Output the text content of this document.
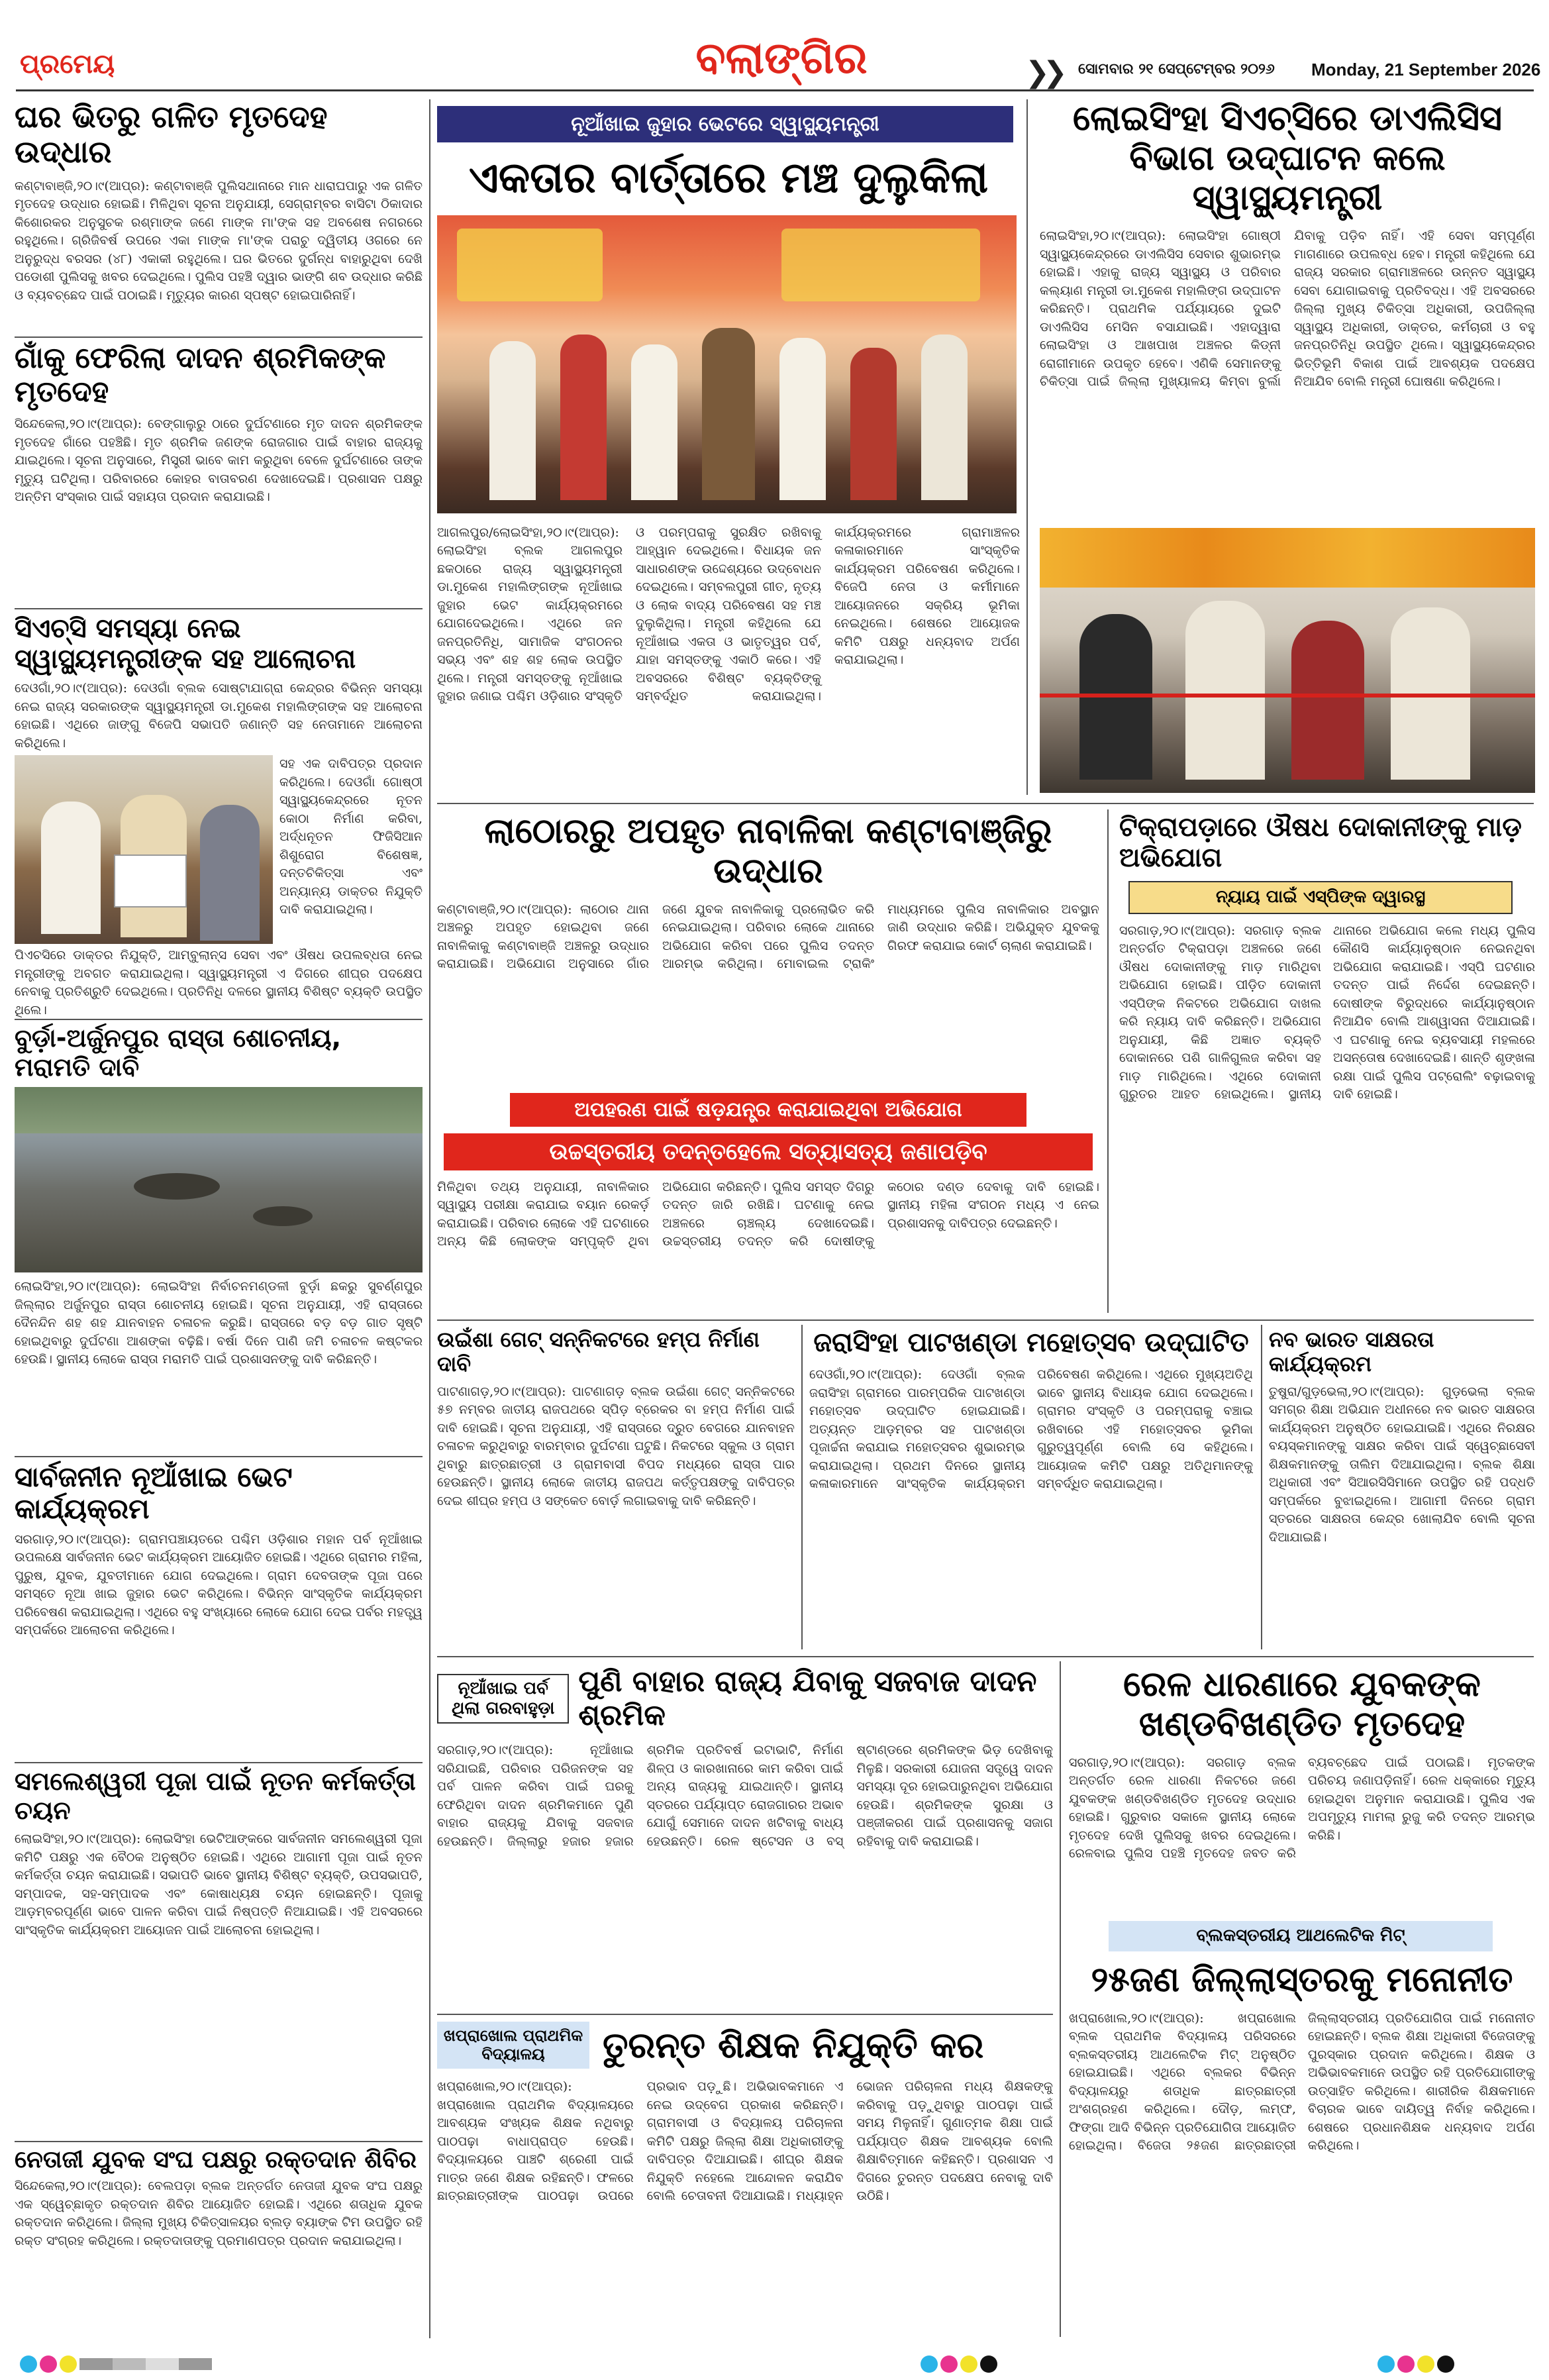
ପ୍ରମେୟ	ବଲାଙ୍ଗିର	❯❯ ସୋମବାର ୨୧ ସେପ୍ଟେମ୍ବର ୨୦୨୬ Monday, 21 September 2026
ଘର ଭିତରୁ ଗଳିତ ମୃତଦେହ ଉଦ୍ଧାର
କଣ୍ଟାବାଞ୍ଜି,୨୦।୯(ଆପ୍ର): କଣ୍ଟାବାଞ୍ଜି ପୁଲିସଥାନାରେ ମାନ ଧାରାଘପାରୁ ଏକ ଗଳିତ ମୃତଦେହ ଉଦ୍ଧାର ହୋଇଛି। ମିଳିଥିବା ସୂଚନା ଅନୁଯାୟୀ, ସେଗ୍ରାମ୍ବର ବାସିଟା ଠିକାଦାର କିଶୋରକର ଅନୁସୁଚକ ରଶ୍ମାଙ୍କ ଜଣେ ମାଙ୍କ ମା'ଙ୍କ ସହ ଅବଶେଷ ନଗରରେ ରହୁଥିଲେ। ଗ୍ରିଜିବର୍ଷ ଉପରେ ଏକା ମାଙ୍କ ମା'ଙ୍କ ପରାଚୁ ଦ୍ୱିତୀୟ ଓଗରେ ନେ ଅନୁରୁଦ୍ଧ ବରସର (୪୮) ଏକାକୀ ରହୁଥିଲେ। ଘର ଭିତରେ ଦୁର୍ଗନ୍ଧ ବାହାରୁଥିବା ଦେଖି ପଡୋଶୀ ପୁଲିସକୁ ଖବର ଦେଇଥିଲେ। ପୁଲିସ ପହଞ୍ଚି ଦ୍ୱାର ଭାଙ୍ଗି ଶବ ଉଦ୍ଧାର କରିଛି ଓ ବ୍ୟବଚ୍ଛେଦ ପାଇଁ ପଠାଇଛି। ମୃତ୍ୟୁର କାରଣ ସ୍ପଷ୍ଟ ହୋଇପାରିନାହିଁ।
ଗାଁକୁ ଫେରିଲା ଦାଦନ ଶ୍ରମିକଙ୍କ ମୃତଦେହ
ସିନ୍ଦେକେଲା,୨୦।୯(ଆପ୍ର): ବେଙ୍ଗାଲୁରୁ ଠାରେ ଦୁର୍ଘଟଣାରେ ମୃତ ଦାଦନ ଶ୍ରମିକଙ୍କ ମୃତଦେହ ଗାଁରେ ପହଞ୍ଚିଛି। ମୃତ ଶ୍ରମିକ ଜଣଙ୍କ ରୋଜଗାର ପାଇଁ ବାହାର ରାଜ୍ୟକୁ ଯାଇଥିଲେ। ସୂଚନା ଅନୁସାରେ, ମିସ୍ତ୍ରୀ ଭାବେ କାମ କରୁଥିବା ବେଳେ ଦୁର୍ଘଟଣାରେ ତାଙ୍କ ମୃତ୍ୟୁ ଘଟିଥିଲା। ପରିବାରରେ କୋହର ବାତାବରଣ ଦେଖାଦେଇଛି। ପ୍ରଶାସନ ପକ୍ଷରୁ ଅନ୍ତିମ ସଂସ୍କାର ପାଇଁ ସହାୟତା ପ୍ରଦାନ କରାଯାଇଛି।
ସିଏଚ୍‌ସି ସମସ୍ୟା ନେଇ ସ୍ୱାସ୍ଥ୍ୟମନ୍ତ୍ରୀଙ୍କ ସହ ଆଲୋଚନା
ଦେଓଗାଁ,୨୦।୯(ଆପ୍ର): ଦେଓଗାଁ ବ୍ଲକ ସୋଷ୍ଟାଯାଗ୍ରା କେନ୍ଦ୍ରର ବିଭିନ୍ନ ସମସ୍ୟା ନେଇ ରାଜ୍ୟ ସରକାରଙ୍କ ସ୍ୱାସ୍ଥ୍ୟମନ୍ତ୍ରୀ ଡା.ମୁକେଶ ମହାଲିଙ୍ଗଙ୍କ ସହ ଆଲୋଚନା ହୋଇଛି। ଏଥିରେ ଜାଙ୍ଗୁ ବିଜେପି ସଭାପତି ଜଣାନ୍ତି ସହ ନେତାମାନେ ଆଲୋଚନା କରିଥିଲେ।
ସହ ଏକ ଦାବିପତ୍ର ପ୍ରଦାନ କରିଥିଲେ। ଦେଓଗାଁ ଗୋଷ୍ଠୀ ସ୍ୱାସ୍ଥ୍ୟକେନ୍ଦ୍ରରେ ନୂତନ କୋଠା ନିର୍ମାଣ କରିବା, ଅର୍ଦ୍ଧନୂତନ ଫିଜିସିଆନ ଶିଶୁରୋଗ ବିଶେଷଜ୍ଞ, ଦନ୍ତଚିକିତ୍ସା ଏବଂ ଅନ୍ୟାନ୍ୟ ଡାକ୍ତର ନିଯୁକ୍ତି ଦାବି କରାଯାଇଥିଲା।
ପିଏଚସିରେ ଡାକ୍ତର ନିଯୁକ୍ତି, ଆମ୍ବୁଲାନ୍ସ ସେବା ଏବଂ ଔଷଧ ଉପଲବ୍ଧତା ନେଇ ମନ୍ତ୍ରୀଙ୍କୁ ଅବଗତ କରାଯାଇଥିଲା। ସ୍ୱାସ୍ଥ୍ୟମନ୍ତ୍ରୀ ଏ ଦିଗରେ ଶୀଘ୍ର ପଦକ୍ଷେପ ନେବାକୁ ପ୍ରତିଶ୍ରୁତି ଦେଇଥିଲେ। ପ୍ରତିନିଧି ଦଳରେ ସ୍ଥାନୀୟ ବିଶିଷ୍ଟ ବ୍ୟକ୍ତି ଉପସ୍ଥିତ ଥିଲେ।
ବୁର୍ଡ଼ା-ଅର୍ଜୁନପୁର ରାସ୍ତା ଶୋଚନୀୟ, ମରାମତି ଦାବି
ଲୋଇସିଂହା,୨୦।୯(ଆପ୍ର): ଲୋଇସିଂହା ନିର୍ବାଚନମଣ୍ଡଳୀ ବୁର୍ଡ଼ା ଛକରୁ ସୁବର୍ଣ୍ଣପୁର ଜିଲ୍ଲାର ଅର୍ଜୁନପୁର ରାସ୍ତା ଶୋଚନୀୟ ହୋଇଛି। ସୂଚନା ଅନୁଯାୟୀ, ଏହି ରାସ୍ତାରେ ଦୈନନ୍ଦିନ ଶହ ଶହ ଯାନବାହନ ଚଳାଚଳ କରୁଛି। ରାସ୍ତାରେ ବଡ଼ ବଡ଼ ଗାତ ସୃଷ୍ଟି ହୋଇଥିବାରୁ ଦୁର୍ଘଟଣା ଆଶଙ୍କା ବଢ଼ିଛି। ବର୍ଷା ଦିନେ ପାଣି ଜମି ଚଳାଚଳ କଷ୍ଟକର ହେଉଛି। ସ୍ଥାନୀୟ ଲୋକେ ରାସ୍ତା ମରାମତି ପାଇଁ ପ୍ରଶାସନଙ୍କୁ ଦାବି କରିଛନ୍ତି।
ସାର୍ବଜନୀନ ନୂଆଁଖାଇ ଭେଟ କାର୍ଯ୍ୟକ୍ରମ
ସରଗାଡ଼,୨୦।୯(ଆପ୍ର): ଗ୍ରାମପଞ୍ଚାୟତରେ ପଶ୍ଚିମ ଓଡ଼ିଶାର ମହାନ ପର୍ବ ନୂଆଁଖାଇ ଉପଲକ୍ଷେ ସାର୍ବଜନୀନ ଭେଟ କାର୍ଯ୍ୟକ୍ରମ ଆୟୋଜିତ ହୋଇଛି। ଏଥିରେ ଗ୍ରାମର ମହିଳା, ପୁରୁଷ, ଯୁବକ, ଯୁବତୀମାନେ ଯୋଗ ଦେଇଥିଲେ। ଗ୍ରାମ ଦେବତାଙ୍କ ପୂଜା ପରେ ସମସ୍ତେ ନୂଆ ଖାଇ ଜୁହାର ଭେଟ କରିଥିଲେ। ବିଭିନ୍ନ ସାଂସ୍କୃତିକ କାର୍ଯ୍ୟକ୍ରମ ପରିବେଷଣ କରାଯାଇଥିଲା। ଏଥିରେ ବହୁ ସଂଖ୍ୟାରେ ଲୋକେ ଯୋଗ ଦେଇ ପର୍ବର ମହତ୍ତ୍ୱ ସମ୍ପର୍କରେ ଆଲୋଚନା କରିଥିଲେ।
ସମଲେଶ୍ୱରୀ ପୂଜା ପାଇଁ ନୂତନ କର୍ମକର୍ତ୍ତା ଚୟନ
ଲୋଇସିଂହା,୨୦।୯(ଆପ୍ର): ଲୋଇସିଂହା ଭେଟିଆଙ୍କରେ ସାର୍ବଜନୀନ ସମଲେଶ୍ୱରୀ ପୂଜା କମିଟି ପକ୍ଷରୁ ଏକ ବୈଠକ ଅନୁଷ୍ଠିତ ହୋଇଛି। ଏଥିରେ ଆଗାମୀ ପୂଜା ପାଇଁ ନୂତନ କର୍ମକର୍ତ୍ତା ଚୟନ କରାଯାଇଛି। ସଭାପତି ଭାବେ ସ୍ଥାନୀୟ ବିଶିଷ୍ଟ ବ୍ୟକ୍ତି, ଉପସଭାପତି, ସମ୍ପାଦକ, ସହ-ସମ୍ପାଦକ ଏବଂ କୋଷାଧ୍ୟକ୍ଷ ଚୟନ ହୋଇଛନ୍ତି। ପୂଜାକୁ ଆଡ଼ମ୍ବରପୂର୍ଣ୍ଣ ଭାବେ ପାଳନ କରିବା ପାଇଁ ନିଷ୍ପତ୍ତି ନିଆଯାଇଛି। ଏହି ଅବସରରେ ସାଂସ୍କୃତିକ କାର୍ଯ୍ୟକ୍ରମ ଆୟୋଜନ ପାଇଁ ଆଲୋଚନା ହୋଇଥିଲା।
ନେତାଜୀ ଯୁବକ ସଂଘ ପକ୍ଷରୁ ରକ୍ତଦାନ ଶିବିର
ସିନ୍ଦେକେଲା,୨୦।୯(ଆପ୍ର): ବେଲପଡ଼ା ବ୍ଲକ ଅନ୍ତର୍ଗତ ନେତାଜୀ ଯୁବକ ସଂଘ ପକ୍ଷରୁ ଏକ ସ୍ୱେଚ୍ଛାକୃତ ରକ୍ତଦାନ ଶିବିର ଆୟୋଜିତ ହୋଇଛି। ଏଥିରେ ଶତାଧିକ ଯୁବକ ରକ୍ତଦାନ କରିଥିଲେ। ଜିଲ୍ଲା ମୁଖ୍ୟ ଚିକିତ୍ସାଳୟର ବ୍ଲଡ଼ ବ୍ୟାଙ୍କ ଟିମ ଉପସ୍ଥିତ ରହି ରକ୍ତ ସଂଗ୍ରହ କରିଥିଲେ। ରକ୍ତଦାତାଙ୍କୁ ପ୍ରମାଣପତ୍ର ପ୍ରଦାନ କରାଯାଇଥିଲା।
ନୂଆଁଖାଇ ଜୁହାର ଭେଟରେ ସ୍ୱାସ୍ଥ୍ୟମନ୍ତ୍ରୀ
ଏକତାର ବାର୍ତ୍ତାରେ ମଞ୍ଚ ଦୁଲୁକିଲା
ଆଗଲପୁର/ଲୋଇସିଂହା,୨୦।୯(ଆପ୍ର): ଲୋଇସିଂହା ବ୍ଲକ ଆଗଲପୁର ଛକଠାରେ ରାଜ୍ୟ ସ୍ୱାସ୍ଥ୍ୟମନ୍ତ୍ରୀ ଡା.ମୁକେଶ ମହାଲିଙ୍ଗଙ୍କ ନୂଆଁଖାଇ ଜୁହାର ଭେଟ କାର୍ଯ୍ୟକ୍ରମରେ ଯୋଗଦେଇଥିଲେ। ଏଥିରେ ଜନ ଜନପ୍ରତିନିଧି, ସାମାଜିକ ସଂଗଠନର ସଭ୍ୟ ଏବଂ ଶହ ଶହ ଲୋକ ଉପସ୍ଥିତ ଥିଲେ। ମନ୍ତ୍ରୀ ସମସ୍ତଙ୍କୁ ନୂଆଁଖାଇ ଜୁହାର ଜଣାଇ ପଶ୍ଚିମ ଓଡ଼ିଶାର ସଂସ୍କୃତି ଓ ପରମ୍ପରାକୁ ସୁରକ୍ଷିତ ରଖିବାକୁ ଆହ୍ୱାନ ଦେଇଥିଲେ। ବିଧାୟକ ଜନ ସାଧାରଣଙ୍କ ଉଦ୍ଦେଶ୍ୟରେ ଉଦ୍‌ବୋଧନ ଦେଇଥିଲେ। ସମ୍ବଲପୁରୀ ଗୀତ, ନୃତ୍ୟ ଓ ଲୋକ ବାଦ୍ୟ ପରିବେଷଣ ସହ ମଞ୍ଚ ଦୁଲୁକିଥିଲା। ମନ୍ତ୍ରୀ କହିଥିଲେ ଯେ ନୂଆଁଖାଇ ଏକତା ଓ ଭାତୃତ୍ୱର ପର୍ବ, ଯାହା ସମସ୍ତଙ୍କୁ ଏକାଠି କରେ। ଏହି ଅବସରରେ ବିଶିଷ୍ଟ ବ୍ୟକ୍ତିଙ୍କୁ ସମ୍ବର୍ଦ୍ଧିତ କରାଯାଇଥିଲା। କାର୍ଯ୍ୟକ୍ରମରେ ଗ୍ରାମାଞ୍ଚଳର କଳାକାରମାନେ ସାଂସ୍କୃତିକ କାର୍ଯ୍ୟକ୍ରମ ପରିବେଷଣ କରିଥିଲେ। ବିଜେପି ନେତା ଓ କର୍ମୀମାନେ ଆୟୋଜନରେ ସକ୍ରିୟ ଭୂମିକା ନେଇଥିଲେ। ଶେଷରେ ଆୟୋଜକ କମିଟି ପକ୍ଷରୁ ଧନ୍ୟବାଦ ଅର୍ପଣ କରାଯାଇଥିଲା।
ଲୋଇସିଂହା ସିଏଚ୍‌ସିରେ ଡାଏଲିସିସ ବିଭାଗ ଉଦ୍‌ଘାଟନ କଲେ ସ୍ୱାସ୍ଥ୍ୟମନ୍ତ୍ରୀ
ଲୋଇସିଂହା,୨୦।୯(ଆପ୍ର): ଲୋଇସିଂହା ଗୋଷ୍ଠୀ ସ୍ୱାସ୍ଥ୍ୟକେନ୍ଦ୍ରରେ ଡାଏଲିସିସ ସେବାର ଶୁଭାରମ୍ଭ ହୋଇଛି। ଏହାକୁ ରାଜ୍ୟ ସ୍ୱାସ୍ଥ୍ୟ ଓ ପରିବାର କଲ୍ୟାଣ ମନ୍ତ୍ରୀ ଡା.ମୁକେଶ ମହାଲିଙ୍ଗ ଉଦ୍‌ଘାଟନ କରିଛନ୍ତି। ପ୍ରାଥମିକ ପର୍ଯ୍ୟାୟରେ ଦୁଇଟି ଡାଏଲିସିସ ମେସିନ ବସାଯାଇଛି। ଏହାଦ୍ୱାରା ଲୋଇସିଂହା ଓ ଆଖପାଖ ଅଞ୍ଚଳର କିଡ୍‌ନୀ ରୋଗୀମାନେ ଉପକୃତ ହେବେ। ଏଣିକି ସେମାନଙ୍କୁ ଚିକିତ୍ସା ପାଇଁ ଜିଲ୍ଲା ମୁଖ୍ୟାଳୟ କିମ୍ବା ବୁର୍ଲା ଯିବାକୁ ପଡ଼ିବ ନାହିଁ। ଏହି ସେବା ସମ୍ପୂର୍ଣ୍ଣ ମାଗଣାରେ ଉପଲବ୍ଧ ହେବ। ମନ୍ତ୍ରୀ କହିଥିଲେ ଯେ ରାଜ୍ୟ ସରକାର ଗ୍ରାମାଞ୍ଚଳରେ ଉନ୍ନତ ସ୍ୱାସ୍ଥ୍ୟ ସେବା ଯୋଗାଇବାକୁ ପ୍ରତିବଦ୍ଧ। ଏହି ଅବସରରେ ଜିଲ୍ଲା ମୁଖ୍ୟ ଚିକିତ୍ସା ଅଧିକାରୀ, ଉପଜିଲ୍ଲା ସ୍ୱାସ୍ଥ୍ୟ ଅଧିକାରୀ, ଡାକ୍ତର, କର୍ମଚାରୀ ଓ ବହୁ ଜନପ୍ରତିନିଧି ଉପସ୍ଥିତ ଥିଲେ। ସ୍ୱାସ୍ଥ୍ୟକେନ୍ଦ୍ରର ଭିତ୍ତିଭୂମି ବିକାଶ ପାଇଁ ଆବଶ୍ୟକ ପଦକ୍ଷେପ ନିଆଯିବ ବୋଲି ମନ୍ତ୍ରୀ ଘୋଷଣା କରିଥିଲେ।
ଲାଠୋରରୁ ଅପହୃତ ନାବାଳିକା କଣ୍ଟାବାଞ୍ଜିରୁ ଉଦ୍ଧାର
କଣ୍ଟାବାଞ୍ଜି,୨୦।୯(ଆପ୍ର): ଲାଠୋର ଥାନା ଅଞ୍ଚଳରୁ ଅପହୃତ ହୋଇଥିବା ଜଣେ ନାବାଳିକାକୁ କଣ୍ଟାବାଞ୍ଜି ଅଞ୍ଚଳରୁ ଉଦ୍ଧାର କରାଯାଇଛି। ଅଭିଯୋଗ ଅନୁସାରେ ଗାଁର ଜଣେ ଯୁବକ ନାବାଳିକାକୁ ପ୍ରଲୋଭିତ କରି ନେଇଯାଇଥିଲା। ପରିବାର ଲୋକେ ଥାନାରେ ଅଭିଯୋଗ କରିବା ପରେ ପୁଲିସ ତଦନ୍ତ ଆରମ୍ଭ କରିଥିଲା। ମୋବାଇଲ ଟ୍ରାକିଂ ମାଧ୍ୟମରେ ପୁଲିସ ନାବାଳିକାର ଅବସ୍ଥାନ ଜାଣି ଉଦ୍ଧାର କରିଛି। ଅଭିଯୁକ୍ତ ଯୁବକକୁ ଗିରଫ କରାଯାଇ କୋର୍ଟ ଚାଲାଣ କରାଯାଇଛି।
ଅପହରଣ ପାଇଁ ଷଡ଼ଯନ୍ତ୍ର କରାଯାଇଥିବା ଅଭିଯୋଗ
ଉଚ୍ଚସ୍ତରୀୟ ତଦନ୍ତହେଲେ ସତ୍ୟାସତ୍ୟ ଜଣାପଡ଼ିବ
ମିଳିଥିବା ତଥ୍ୟ ଅନୁଯାୟୀ, ନାବାଳିକାର ସ୍ୱାସ୍ଥ୍ୟ ପରୀକ୍ଷା କରାଯାଇ ବୟାନ ରେକର୍ଡ଼ କରାଯାଇଛି। ପରିବାର ଲୋକେ ଏହି ଘଟଣାରେ ଅନ୍ୟ କିଛି ଲୋକଙ୍କ ସମ୍ପୃକ୍ତି ଥିବା ଅଭିଯୋଗ କରିଛନ୍ତି। ପୁଲିସ ସମସ୍ତ ଦିଗରୁ ତଦନ୍ତ ଜାରି ରଖିଛି। ଘଟଣାକୁ ନେଇ ଅଞ୍ଚଳରେ ଚାଞ୍ଚଲ୍ୟ ଦେଖାଦେଇଛି। ଉଚ୍ଚସ୍ତରୀୟ ତଦନ୍ତ କରି ଦୋଷୀଙ୍କୁ କଠୋର ଦଣ୍ଡ ଦେବାକୁ ଦାବି ହୋଇଛି। ସ୍ଥାନୀୟ ମହିଳା ସଂଗଠନ ମଧ୍ୟ ଏ ନେଇ ପ୍ରଶାସନକୁ ଦାବିପତ୍ର ଦେଇଛନ୍ତି।
ଟିକ୍ରାପଡ଼ାରେ ଔଷଧ ଦୋକାନୀଙ୍କୁ ମାଡ଼ ଅଭିଯୋଗ
ନ୍ୟାୟ ପାଇଁ ଏସ୍‌ପିଙ୍କ ଦ୍ୱାରସ୍ଥ
ସରଗାଡ଼,୨୦।୯(ଆପ୍ର): ସରଗାଡ଼ ବ୍ଲକ ଅନ୍ତର୍ଗତ ଟିକ୍ରାପଡ଼ା ଅଞ୍ଚଳରେ ଜଣେ ଔଷଧ ଦୋକାନୀଙ୍କୁ ମାଡ଼ ମାରିଥିବା ଅଭିଯୋଗ ହୋଇଛି। ପୀଡ଼ିତ ଦୋକାନୀ ଏସ୍‌ପିଙ୍କ ନିକଟରେ ଅଭିଯୋଗ ଦାଖଲ କରି ନ୍ୟାୟ ଦାବି କରିଛନ୍ତି। ଅଭିଯୋଗ ଅନୁଯାୟୀ, କିଛି ଅଜ୍ଞାତ ବ୍ୟକ୍ତି ଦୋକାନରେ ପଶି ଗାଳିଗୁଲଜ କରିବା ସହ ମାଡ଼ ମାରିଥିଲେ। ଏଥିରେ ଦୋକାନୀ ଗୁରୁତର ଆହତ ହୋଇଥିଲେ। ସ୍ଥାନୀୟ ଥାନାରେ ଅଭିଯୋଗ କଲେ ମଧ୍ୟ ପୁଲିସ କୌଣସି କାର୍ଯ୍ୟାନୁଷ୍ଠାନ ନେଇନଥିବା ଅଭିଯୋଗ କରାଯାଇଛି। ଏସ୍‌ପି ଘଟଣାର ତଦନ୍ତ ପାଇଁ ନିର୍ଦ୍ଦେଶ ଦେଇଛନ୍ତି। ଦୋଷୀଙ୍କ ବିରୁଦ୍ଧରେ କାର୍ଯ୍ୟାନୁଷ୍ଠାନ ନିଆଯିବ ବୋଲି ଆଶ୍ୱାସନା ଦିଆଯାଇଛି। ଏ ଘଟଣାକୁ ନେଇ ବ୍ୟବସାୟୀ ମହଲରେ ଅସନ୍ତୋଷ ଦେଖାଦେଇଛି। ଶାନ୍ତି ଶୃଙ୍ଖଳା ରକ୍ଷା ପାଇଁ ପୁଲିସ ପଟ୍ରୋଲିଂ ବଢ଼ାଇବାକୁ ଦାବି ହୋଇଛି।
ଉଇଁଶା ଗେଟ୍ ସନ୍ନିକଟରେ ହମ୍ପ ନିର୍ମାଣ ଦାବି
ପାଟଣାଗଡ଼,୨୦।୯(ଆପ୍ର): ପାଟଣାଗଡ଼ ବ୍ଲକ ଉଇଁଶା ଗେଟ୍ ସନ୍ନିକଟରେ ୫୭ ନମ୍ବର ଜାତୀୟ ରାଜପଥରେ ସ୍ପିଡ଼ ବ୍ରେକର ବା ହମ୍ପ ନିର୍ମାଣ ପାଇଁ ଦାବି ହୋଇଛି। ସୂଚନା ଅନୁଯାୟୀ, ଏହି ରାସ୍ତାରେ ଦ୍ରୁତ ବେଗରେ ଯାନବାହନ ଚଳାଚଳ କରୁଥିବାରୁ ବାରମ୍ବାର ଦୁର୍ଘଟଣା ଘଟୁଛି। ନିକଟରେ ସ୍କୁଲ ଓ ଗ୍ରାମ ଥିବାରୁ ଛାତ୍ରଛାତ୍ରୀ ଓ ଗ୍ରାମବାସୀ ବିପଦ ମଧ୍ୟରେ ରାସ୍ତା ପାର ହେଉଛନ୍ତି। ସ୍ଥାନୀୟ ଲୋକେ ଜାତୀୟ ରାଜପଥ କର୍ତ୍ତୃପକ୍ଷଙ୍କୁ ଦାବିପତ୍ର ଦେଇ ଶୀଘ୍ର ହମ୍ପ ଓ ସଙ୍କେତ ବୋର୍ଡ଼ ଲଗାଇବାକୁ ଦାବି କରିଛନ୍ତି।
ଜରାସିଂହା ପାଟଖଣ୍ଡା ମହୋତ୍ସବ ଉଦ୍‌ଘାଟିତ
ଦେଓଗାଁ,୨୦।୯(ଆପ୍ର): ଦେଓଗାଁ ବ୍ଲକ ଜରାସିଂହା ଗ୍ରାମରେ ପାରମ୍ପରିକ ପାଟଖଣ୍ଡା ମହୋତ୍ସବ ଉଦ୍‌ଘାଟିତ ହୋଇଯାଇଛି। ଅତ୍ୟନ୍ତ ଆଡ଼ମ୍ବର ସହ ପାଟଖଣ୍ଡା ପୂଜାର୍ଚ୍ଚନା କରାଯାଇ ମହୋତ୍ସବର ଶୁଭାରମ୍ଭ କରାଯାଇଥିଲା। ପ୍ରଥମ ଦିନରେ ସ୍ଥାନୀୟ କଳାକାରମାନେ ସାଂସ୍କୃତିକ କାର୍ଯ୍ୟକ୍ରମ ପରିବେଷଣ କରିଥିଲେ। ଏଥିରେ ମୁଖ୍ୟଅତିଥି ଭାବେ ସ୍ଥାନୀୟ ବିଧାୟକ ଯୋଗ ଦେଇଥିଲେ। ଗ୍ରାମର ସଂସ୍କୃତି ଓ ପରମ୍ପରାକୁ ବଞ୍ଚାଇ ରଖିବାରେ ଏହି ମହୋତ୍ସବର ଭୂମିକା ଗୁରୁତ୍ୱପୂର୍ଣ୍ଣ ବୋଲି ସେ କହିଥିଲେ। ଆୟୋଜକ କମିଟି ପକ୍ଷରୁ ଅତିଥିମାନଙ୍କୁ ସମ୍ବର୍ଦ୍ଧିତ କରାଯାଇଥିଲା।
ନବ ଭାରତ ସାକ୍ଷରତା କାର୍ଯ୍ୟକ୍ରମ
ତୁଷୁରା/ଗୁଡ଼ଭେଲା,୨୦।୯(ଆପ୍ର): ଗୁଡ଼ଭେଲା ବ୍ଲକ ସମଗ୍ର ଶିକ୍ଷା ଅଭିଯାନ ଅଧୀନରେ ନବ ଭାରତ ସାକ୍ଷରତା କାର୍ଯ୍ୟକ୍ରମ ଅନୁଷ୍ଠିତ ହୋଇଯାଇଛି। ଏଥିରେ ନିରକ୍ଷର ବୟସ୍କମାନଙ୍କୁ ସାକ୍ଷର କରିବା ପାଇଁ ସ୍ୱେଚ୍ଛାସେବୀ ଶିକ୍ଷକମାନଙ୍କୁ ତାଲିମ ଦିଆଯାଇଥିଲା। ବ୍ଲକ ଶିକ୍ଷା ଅଧିକାରୀ ଏବଂ ସିଆରସିସିମାନେ ଉପସ୍ଥିତ ରହି ପଦ୍ଧତି ସମ୍ପର୍କରେ ବୁଝାଇଥିଲେ। ଆଗାମୀ ଦିନରେ ଗ୍ରାମ ସ୍ତରରେ ସାକ୍ଷରତା କେନ୍ଦ୍ର ଖୋଲାଯିବ ବୋଲି ସୂଚନା ଦିଆଯାଇଛି।
ନୂଆଁଖାଇ ପର୍ବ ଥିଲା ଗରବାହୁଡ଼ା
ପୁଣି ବାହାର ରାଜ୍ୟ ଯିବାକୁ ସଜବାଜ ଦାଦନ ଶ୍ରମିକ
ସରଗାଡ଼,୨୦।୯(ଆପ୍ର): ନୂଆଁଖାଇ ସରିଯାଇଛି, ପରିବାର ପରିଜନଙ୍କ ସହ ପର୍ବ ପାଳନ କରିବା ପାଇଁ ଘରକୁ ଫେରିଥିବା ଦାଦନ ଶ୍ରମିକମାନେ ପୁଣି ବାହାର ରାଜ୍ୟକୁ ଯିବାକୁ ସଜବାଜ ହେଉଛନ୍ତି। ଜିଲ୍ଲାରୁ ହଜାର ହଜାର ଶ୍ରମିକ ପ୍ରତିବର୍ଷ ଇଟାଭାଟି, ନିର୍ମାଣ ଶିଳ୍ପ ଓ କାରଖାନାରେ କାମ କରିବା ପାଇଁ ଅନ୍ୟ ରାଜ୍ୟକୁ ଯାଇଥାନ୍ତି। ସ୍ଥାନୀୟ ସ୍ତରରେ ପର୍ଯ୍ୟାପ୍ତ ରୋଜଗାରର ଅଭାବ ଯୋଗୁଁ ସେମାନେ ଦାଦନ ଖଟିବାକୁ ବାଧ୍ୟ ହେଉଛନ୍ତି। ରେଳ ଷ୍ଟେସନ ଓ ବସ୍ ଷ୍ଟାଣ୍ଡରେ ଶ୍ରମିକଙ୍କ ଭିଡ଼ ଦେଖିବାକୁ ମିଳୁଛି। ସରକାରୀ ଯୋଜନା ସତ୍ତ୍ୱେ ଦାଦନ ସମସ୍ୟା ଦୂର ହୋଇପାରୁନଥିବା ଅଭିଯୋଗ ହେଉଛି। ଶ୍ରମିକଙ୍କ ସୁରକ୍ଷା ଓ ପଞ୍ଜୀକରଣ ପାଇଁ ପ୍ରଶାସନକୁ ସଜାଗ ରହିବାକୁ ଦାବି କରାଯାଇଛି।
ରେଳ ଧାରଣାରେ ଯୁବକଙ୍କ ଖଣ୍ଡବିଖଣ୍ଡିତ ମୃତଦେହ
ସରଗାଡ଼,୨୦।୯(ଆପ୍ର): ସରଗାଡ଼ ବ୍ଲକ ଅନ୍ତର୍ଗତ ରେଳ ଧାରଣା ନିକଟରେ ଜଣେ ଯୁବକଙ୍କ ଖଣ୍ଡବିଖଣ୍ଡିତ ମୃତଦେହ ଉଦ୍ଧାର ହୋଇଛି। ଗୁରୁବାର ସକାଳେ ସ୍ଥାନୀୟ ଲୋକେ ମୃତଦେହ ଦେଖି ପୁଲିସକୁ ଖବର ଦେଇଥିଲେ। ରେଳବାଇ ପୁଲିସ ପହଞ୍ଚି ମୃତଦେହ ଜବତ କରି ବ୍ୟବଚ୍ଛେଦ ପାଇଁ ପଠାଇଛି। ମୃତକଙ୍କ ପରିଚୟ ଜଣାପଡ଼ିନାହିଁ। ରେଳ ଧକ୍କାରେ ମୃତ୍ୟୁ ହୋଇଥିବା ଅନୁମାନ କରାଯାଉଛି। ପୁଲିସ ଏକ ଅପମୃତ୍ୟୁ ମାମଲା ରୁଜୁ କରି ତଦନ୍ତ ଆରମ୍ଭ କରିଛି।
ବ୍ଲକସ୍ତରୀୟ ଆଥଲେଟିକ ମିଟ୍
୨୫ଜଣ ଜିଲ୍ଲାସ୍ତରକୁ ମନୋନୀତ
ଖପ୍ରାଖୋଲ,୨୦।୯(ଆପ୍ର): ଖପ୍ରାଖୋଲ ବ୍ଲକ ପ୍ରାଥମିକ ବିଦ୍ୟାଳୟ ପରିସରରେ ବ୍ଲକସ୍ତରୀୟ ଆଥଲେଟିକ ମିଟ୍ ଅନୁଷ୍ଠିତ ହୋଇଯାଇଛି। ଏଥିରେ ବ୍ଲକର ବିଭିନ୍ନ ବିଦ୍ୟାଳୟରୁ ଶତାଧିକ ଛାତ୍ରଛାତ୍ରୀ ଅଂଶଗ୍ରହଣ କରିଥିଲେ। ଦୌଡ଼, ଲମ୍ଫ, ଫିଙ୍ଗା ଆଦି ବିଭିନ୍ନ ପ୍ରତିଯୋଗିତା ଆୟୋଜିତ ହୋଇଥିଲା। ବିଜେତା ୨୫ଜଣ ଛାତ୍ରଛାତ୍ରୀ ଜିଲ୍ଲାସ୍ତରୀୟ ପ୍ରତିଯୋଗିତା ପାଇଁ ମନୋନୀତ ହୋଇଛନ୍ତି। ବ୍ଲକ ଶିକ୍ଷା ଅଧିକାରୀ ବିଜେତାଙ୍କୁ ପୁରସ୍କାର ପ୍ରଦାନ କରିଥିଲେ। ଶିକ୍ଷକ ଓ ଅଭିଭାବକମାନେ ଉପସ୍ଥିତ ରହି ପ୍ରତିଯୋଗୀଙ୍କୁ ଉତ୍ସାହିତ କରିଥିଲେ। ଶାରୀରିକ ଶିକ୍ଷକମାନେ ବିଚାରକ ଭାବେ ଦାୟିତ୍ୱ ନିର୍ବାହ କରିଥିଲେ। ଶେଷରେ ପ୍ରଧାନଶିକ୍ଷକ ଧନ୍ୟବାଦ ଅର୍ପଣ କରିଥିଲେ।
ଖପ୍ରାଖୋଲ ପ୍ରାଥମିକ ବିଦ୍ୟାଳୟ	ତୁରନ୍ତ ଶିକ୍ଷକ ନିଯୁକ୍ତି କର
ଖପ୍ରାଖୋଲ,୨୦।୯(ଆପ୍ର): ଖପ୍ରାଖୋଲ ପ୍ରାଥମିକ ବିଦ୍ୟାଳୟରେ ଆବଶ୍ୟକ ସଂଖ୍ୟକ ଶିକ୍ଷକ ନଥିବାରୁ ପାଠପଢ଼ା ବାଧାପ୍ରାପ୍ତ ହେଉଛି। ବିଦ୍ୟାଳୟରେ ପାଞ୍ଚଟି ଶ୍ରେଣୀ ପାଇଁ ମାତ୍ର ଜଣେ ଶିକ୍ଷକ ରହିଛନ୍ତି। ଫଳରେ ଛାତ୍ରଛାତ୍ରୀଙ୍କ ପାଠପଢ଼ା ଉପରେ ପ୍ରଭାବ ପଡ଼ୁଛି। ଅଭିଭାବକମାନେ ଏ ନେଇ ଉଦ୍‌ବେଗ ପ୍ରକାଶ କରିଛନ୍ତି। ଗ୍ରାମବାସୀ ଓ ବିଦ୍ୟାଳୟ ପରିଚାଳନା କମିଟି ପକ୍ଷରୁ ଜିଲ୍ଲା ଶିକ୍ଷା ଅଧିକାରୀଙ୍କୁ ଦାବିପତ୍ର ଦିଆଯାଇଛି। ଶୀଘ୍ର ଶିକ୍ଷକ ନିଯୁକ୍ତି ନହେଲେ ଆନ୍ଦୋଳନ କରାଯିବ ବୋଲି ଚେତାବନୀ ଦିଆଯାଇଛି। ମଧ୍ୟାହ୍ନ ଭୋଜନ ପରିଚାଳନା ମଧ୍ୟ ଶିକ୍ଷକଙ୍କୁ କରିବାକୁ ପଡ଼ୁଥିବାରୁ ପାଠପଢ଼ା ପାଇଁ ସମୟ ମିଳୁନାହିଁ। ଗୁଣାତ୍ମକ ଶିକ୍ଷା ପାଇଁ ପର୍ଯ୍ୟାପ୍ତ ଶିକ୍ଷକ ଆବଶ୍ୟକ ବୋଲି ଶିକ୍ଷାବିତ୍‌ମାନେ କହିଛନ୍ତି। ପ୍ରଶାସନ ଏ ଦିଗରେ ତୁରନ୍ତ ପଦକ୍ଷେପ ନେବାକୁ ଦାବି ଉଠିଛି।
